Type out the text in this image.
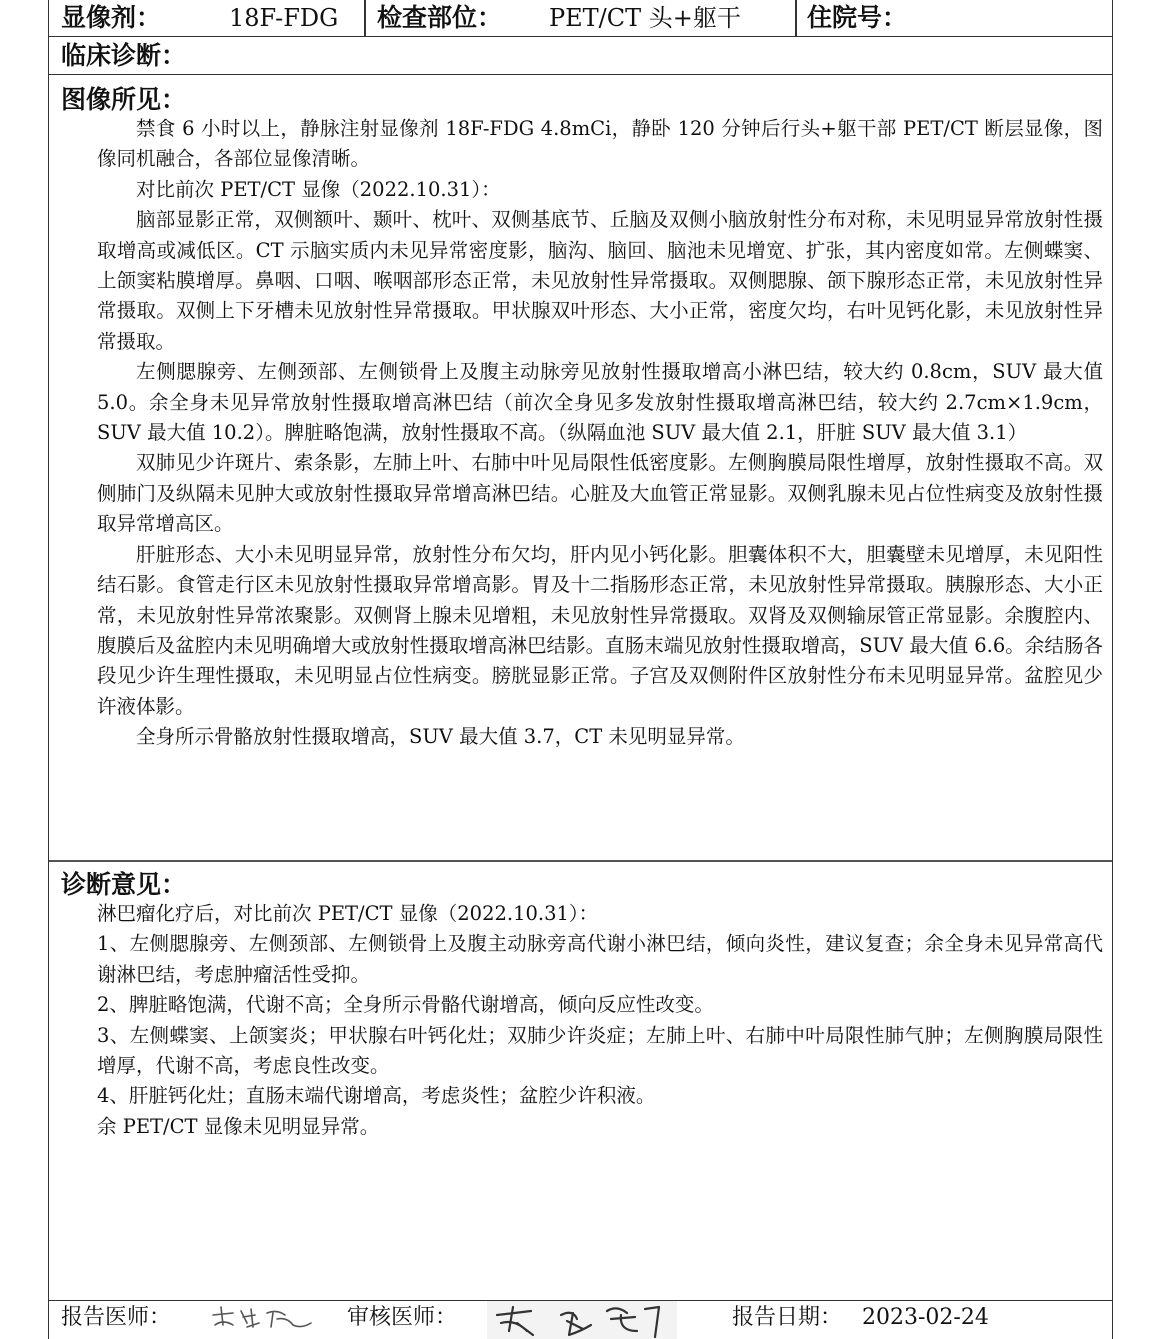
显像剂：	18F-FDG 检查部位： PET/CT 头+躯干	住院号：
临床诊断：
图像所见：

禁食 6 小时以上，静脉注射显像剂 18F-FDG 4.8mCi，静卧 120 分钟后行头+躯干部 PET/CT 断层显像，图像同机融合，各部位显像清晰。

对比前次 PET/CT 显像（2022.10.31）：

脑部显影正常，双侧额叶、颞叶、枕叶、双侧基底节、丘脑及双侧小脑放射性分布对称，未见明显异常放射性摄取增高或减低区。CT 示脑实质内未见异常密度影，脑沟、脑回、脑池未见增宽、扩张，其内密度如常。左侧蝶窦、上颌窦粘膜增厚。鼻咽、口咽、喉咽部形态正常，未见放射性异常摄取。双侧腮腺、颌下腺形态正常，未见放射性异常摄取。双侧上下牙槽未见放射性异常摄取。甲状腺双叶形态、大小正常，密度欠均，右叶见钙化影，未见放射性异常摄取。

左侧腮腺旁、左侧颈部、左侧锁骨上及腹主动脉旁见放射性摄取增高小淋巴结，较大约 0.8cm，SUV 最大值 5.0。余全身未见异常放射性摄取增高淋巴结（前次全身见多发放射性摄取增高淋巴结，较大约 2.7cm×1.9cm，SUV 最大值 10.2）。脾脏略饱满，放射性摄取不高。（纵隔血池 SUV 最大值 2.1，肝脏 SUV 最大值 3.1）

双肺见少许斑片、索条影，左肺上叶、右肺中叶见局限性低密度影。左侧胸膜局限性增厚，放射性摄取不高。双侧肺门及纵隔未见肿大或放射性摄取异常增高淋巴结。心脏及大血管正常显影。双侧乳腺未见占位性病变及放射性摄取异常增高区。

肝脏形态、大小未见明显异常，放射性分布欠均，肝内见小钙化影。胆囊体积不大，胆囊壁未见增厚，未见阳性结石影。食管走行区未见放射性摄取异常增高影。胃及十二指肠形态正常，未见放射性异常摄取。胰腺形态、大小正常，未见放射性异常浓聚影。双侧肾上腺未见增粗，未见放射性异常摄取。双肾及双侧输尿管正常显影。余腹腔内、腹膜后及盆腔内未见明确增大或放射性摄取增高淋巴结影。直肠末端见放射性摄取增高，SUV 最大值 6.6。余结肠各段见少许生理性摄取，未见明显占位性病变。膀胱显影正常。子宫及双侧附件区放射性分布未见明显异常。盆腔见少许液体影。

全身所示骨骼放射性摄取增高，SUV 最大值 3.7，CT 未见明显异常。

诊断意见：
淋巴瘤化疗后，对比前次 PET/CT 显像（2022.10.31）：
1、左侧腮腺旁、左侧颈部、左侧锁骨上及腹主动脉旁高代谢小淋巴结，倾向炎性，建议复查；余全身未见异常高代谢淋巴结，考虑肿瘤活性受抑。
2、脾脏略饱满，代谢不高；全身所示骨骼代谢增高，倾向反应性改变。
3、左侧蝶窦、上颌窦炎；甲状腺右叶钙化灶；双肺少许炎症；左肺上叶、右肺中叶局限性肺气肿；左侧胸膜局限性增厚，代谢不高，考虑良性改变。
4、肝脏钙化灶；直肠末端代谢增高，考虑炎性；盆腔少许积液。
余 PET/CT 显像未见明显异常。
报告医师：	审核医师：	报告日期： 2023-02-24
